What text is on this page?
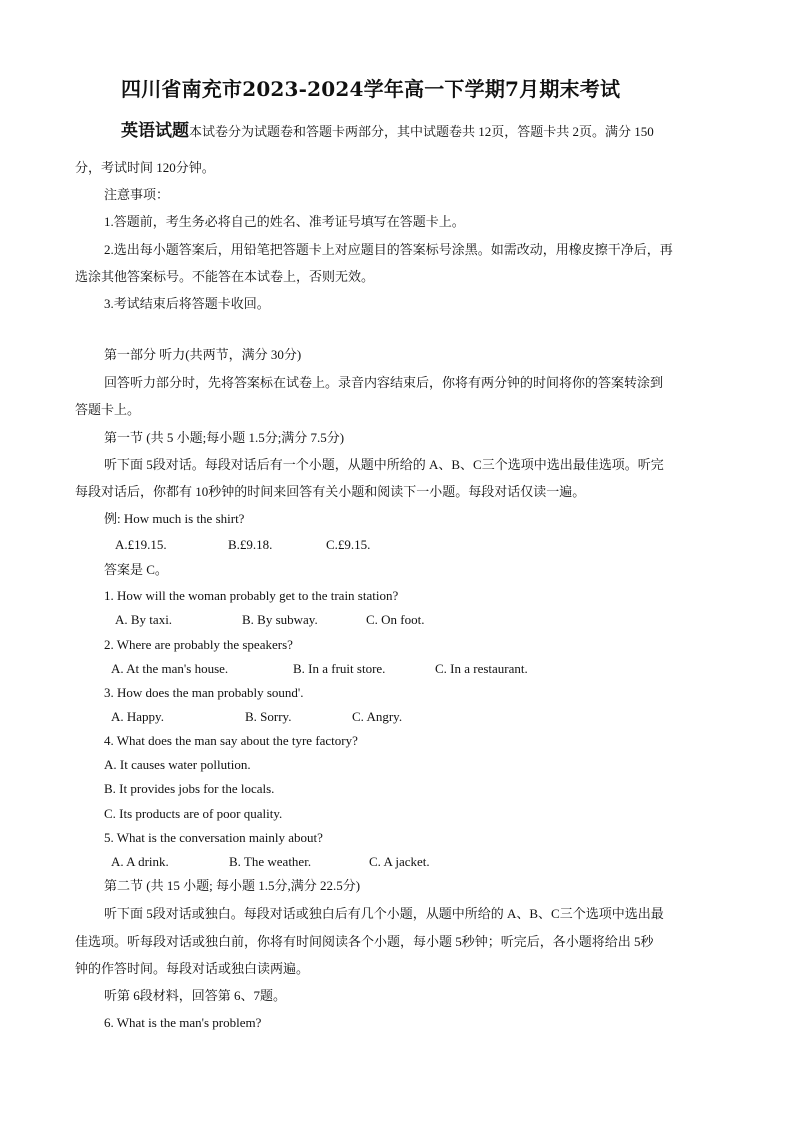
四川省南充市2023-2024学年高一下学期7月期末考试
英语试题本试卷分为试题卷和答题卡两部分，其中试题卷共 12页，答题卡共 2页。满分 150
分，考试时间 120分钟。
注意事项：
1.答题前，考生务必将自己的姓名、准考证号填写在答题卡上。
2.选出每小题答案后，用铅笔把答题卡上对应题目的答案标号涂黑。如需改动，用橡皮擦干净后，再
选涂其他答案标号。不能答在本试卷上，否则无效。
3.考试结束后将答题卡收回。
第一部分 听力(共两节，满分 30分)
回答听力部分时，先将答案标在试卷上。录音内容结束后，你将有两分钟的时间将你的答案转涂到
答题卡上。
第一节 (共 5 小题;每小题 1.5分;满分 7.5分)
听下面 5段对话。每段对话后有一个小题，从题中所给的 A、B、C三个选项中选出最佳选项。听完
每段对话后，你都有 10秒钟的时间来回答有关小题和阅读下一小题。每段对话仅读一遍。
例: How much is the shirt?
A.£19.15.	B.£9.18.	C.£9.15.
答案是 C。
1. How will the woman probably get to the train station?
A. By taxi.	B. By subway.	C. On foot.
2. Where are probably the speakers?
A. At the man's house.	B. In a fruit store.	C. In a restaurant.
3. How does the man probably sound'.
A. Happy.	B. Sorry.	C. Angry.
4. What does the man say about the tyre factory?
A. It causes water pollution.
B. It provides jobs for the locals.
C. Its products are of poor quality.
5. What is the conversation mainly about?
A. A drink.	B. The weather.	C. A jacket.
第二节 (共 15 小题; 每小题 1.5分,满分 22.5分)
听下面 5段对话或独白。每段对话或独白后有几个小题，从题中所给的 A、B、C三个选项中选出最
佳选项。听每段对话或独白前，你将有时间阅读各个小题，每小题 5秒钟；听完后，各小题将给出 5秒
钟的作答时间。每段对话或独白读两遍。
听第 6段材料，回答第 6、7题。
6. What is the man's problem?
